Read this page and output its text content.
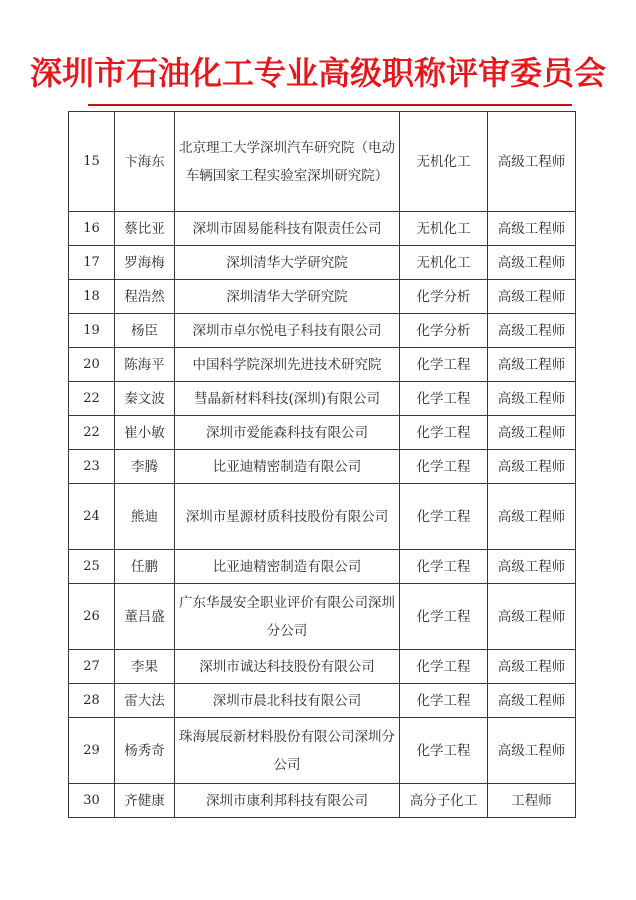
深圳市石油化工专业高级职称评审委员会
15	卞海东	北京理工大学深圳汽车研究院（电动车辆国家工程实验室深圳研究院）	无机化工	高级工程师
16	蔡比亚	深圳市固易能科技有限责任公司	无机化工	高级工程师
17	罗海梅	深圳清华大学研究院	无机化工	高级工程师
18	程浩然	深圳清华大学研究院	化学分析	高级工程师
19	杨臣	深圳市卓尔悦电子科技有限公司	化学分析	高级工程师
20	陈海平	中国科学院深圳先进技术研究院	化学工程	高级工程师
22	秦文波	彗晶新材料科技(深圳)有限公司	化学工程	高级工程师
22	崔小敏	深圳市爱能森科技有限公司	化学工程	高级工程师
23	李腾	比亚迪精密制造有限公司	化学工程	高级工程师
24	熊迪	深圳市星源材质科技股份有限公司	化学工程	高级工程师
25	任鹏	比亚迪精密制造有限公司	化学工程	高级工程师
26	董吕盛	广东华晟安全职业评价有限公司深圳分公司	化学工程	高级工程师
27	李果	深圳市诚达科技股份有限公司	化学工程	高级工程师
28	雷大法	深圳市晨北科技有限公司	化学工程	高级工程师
29	杨秀奇	珠海展辰新材料股份有限公司深圳分公司	化学工程	高级工程师
30	齐健康	深圳市康利邦科技有限公司	高分子化工	工程师
